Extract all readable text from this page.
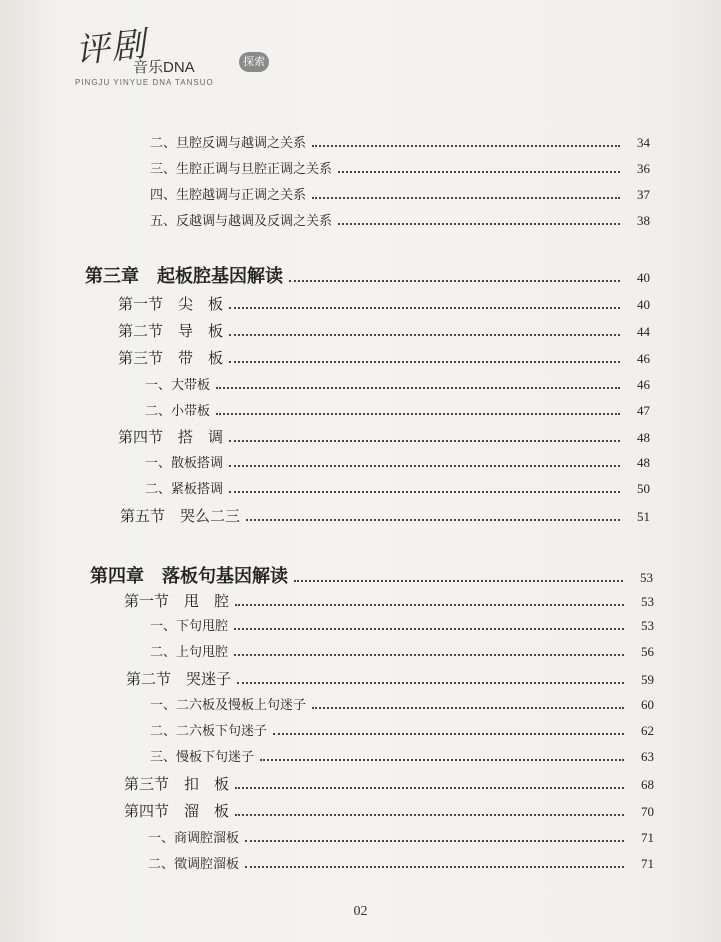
评剧
音乐DNA	探索
PINGJU YINYUE DNA TANSUO
二、旦腔反调与越调之关系	34
三、生腔正调与旦腔正调之关系	36
四、生腔越调与正调之关系	37
五、反越调与越调及反调之关系	38
第三章　起板腔基因解读	40
第一节　尖　板	40
第二节　导　板	44
第三节　带　板	46
一、大带板	46
二、小带板	47
第四节　搭　调	48
一、散板搭调	48
二、紧板搭调	50
第五节　哭么二三	51
第四章　落板句基因解读	53
第一节　甩　腔	53
一、下句甩腔	53
二、上句甩腔	56
第二节　哭迷子	59
一、二六板及慢板上句迷子	60
二、二六板下句迷子	62
三、慢板下句迷子	63
第三节　扣　板	68
第四节　溜　板	70
一、商调腔溜板	71
二、徵调腔溜板	71
02
